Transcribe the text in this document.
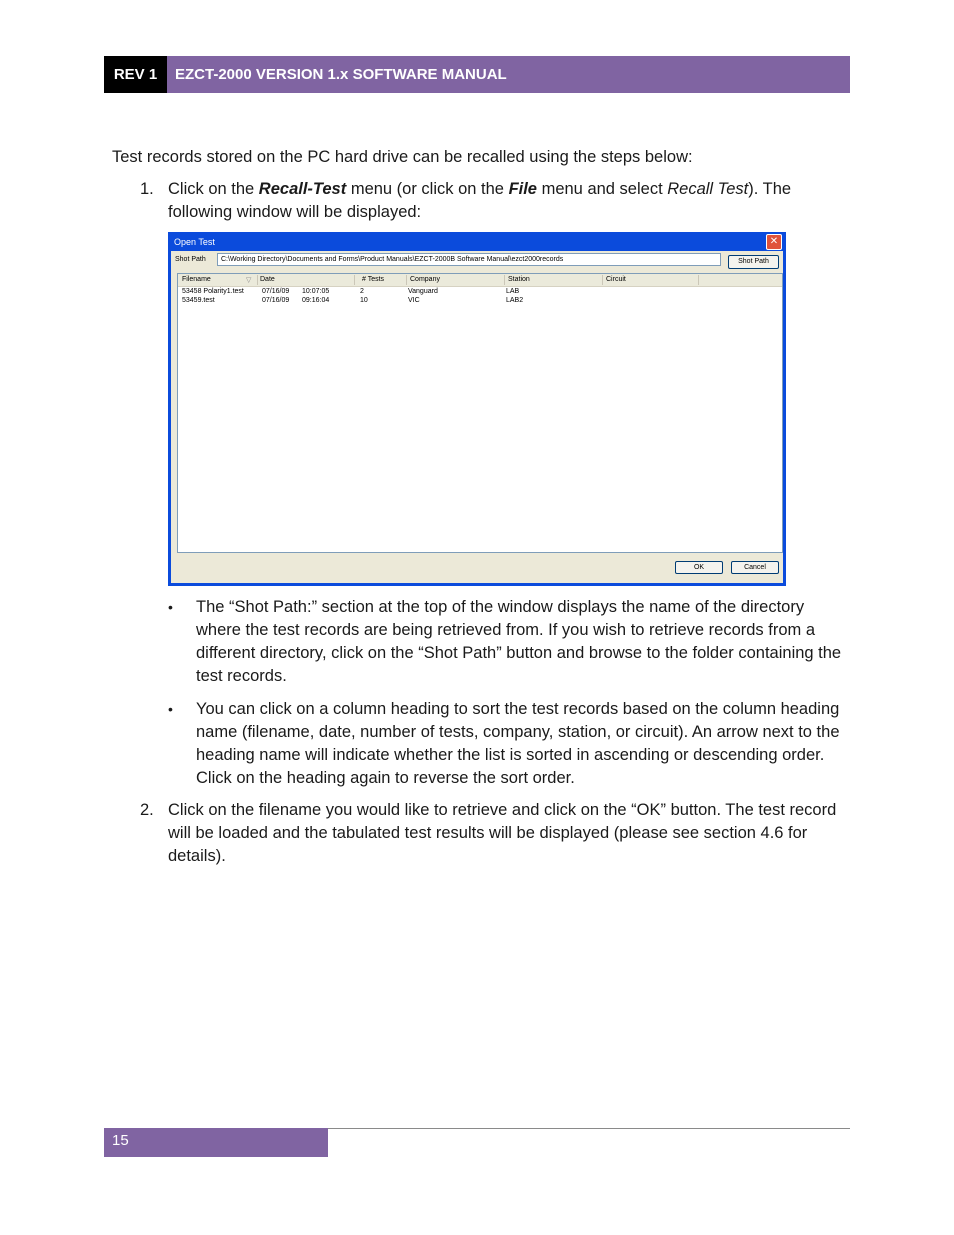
REV 1	EZCT-2000 VERSION 1.x SOFTWARE MANUAL
Test records stored on the PC hard drive can be recalled using the steps below:
1. Click on the Recall-Test menu (or click on the File menu and select Recall Test). The following window will be displayed:
Open Test	✕
Shot Path	C:\Working Directory\Documents and Forms\Product Manuals\EZCT-2000B Software Manual\ezct2000records	Shot Path
Filename	▽ Date	# Tests	Company	Station	Circuit
53458 Polarity1.test	07/16/09 10:07:05	2	Vanguard	LAB
53459.test	07/16/09 09:16:04	10	VIC	LAB2
OK	Cancel
•	The “Shot Path:” section at the top of the window displays the name of the directory where the test records are being retrieved from. If you wish to retrieve records from a different directory, click on the “Shot Path” button and browse to the folder containing the test records.
•	You can click on a column heading to sort the test records based on the column heading name (filename, date, number of tests, company, station, or circuit). An arrow next to the heading name will indicate whether the list is sorted in ascending or descending order. Click on the heading again to reverse the sort order.
2. Click on the filename you would like to retrieve and click on the “OK” button. The test record will be loaded and the tabulated test results will be displayed (please see section 4.6 for details).
15
